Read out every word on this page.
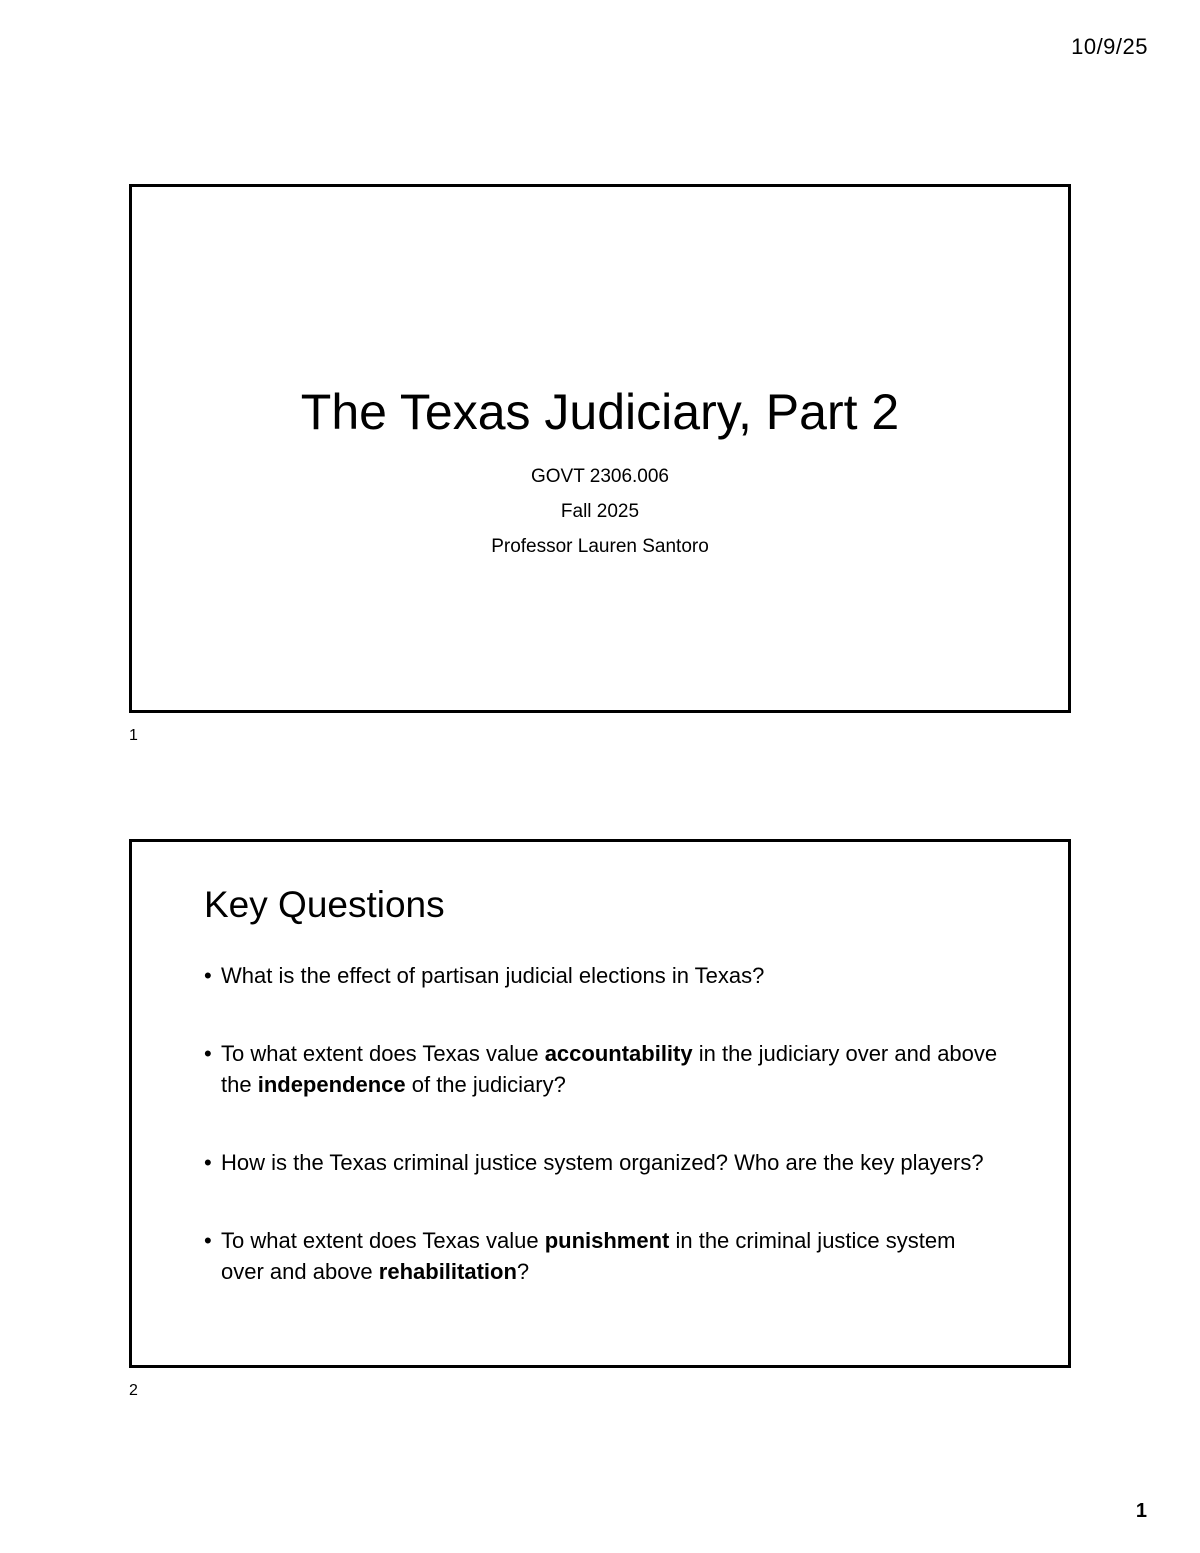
10/9/25
The Texas Judiciary, Part 2
GOVT 2306.006
Fall 2025
Professor Lauren Santoro
1
Key Questions
• What is the effect of partisan judicial elections in Texas?
• To what extent does Texas value accountability in the judiciary over and above the independence of the judiciary?
• How is the Texas criminal justice system organized? Who are the key players?
• To what extent does Texas value punishment in the criminal justice system over and above rehabilitation?
2
1
